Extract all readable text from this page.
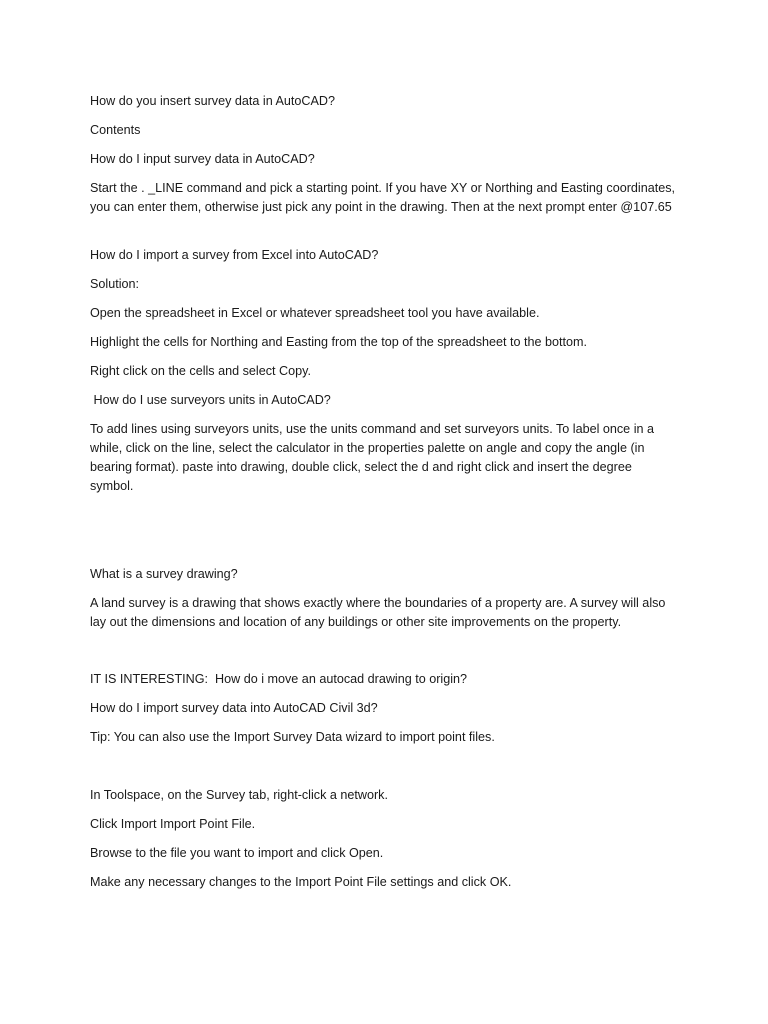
How do you insert survey data in AutoCAD?

Contents

How do I input survey data in AutoCAD?

Start the . _LINE command and pick a starting point. If you have XY or Northing and Easting coordinates, you can enter them, otherwise just pick any point in the drawing. Then at the next prompt enter @107.65

How do I import a survey from Excel into AutoCAD?

Solution:

Open the spreadsheet in Excel or whatever spreadsheet tool you have available.

Highlight the cells for Northing and Easting from the top of the spreadsheet to the bottom.

Right click on the cells and select Copy.

How do I use surveyors units in AutoCAD?

To add lines using surveyors units, use the units command and set surveyors units. To label once in a while, click on the line, select the calculator in the properties palette on angle and copy the angle (in bearing format). paste into drawing, double click, select the d and right click and insert the degree symbol.

What is a survey drawing?

A land survey is a drawing that shows exactly where the boundaries of a property are. A survey will also lay out the dimensions and location of any buildings or other site improvements on the property.

IT IS INTERESTING:  How do i move an autocad drawing to origin?

How do I import survey data into AutoCAD Civil 3d?

Tip: You can also use the Import Survey Data wizard to import point files.

In Toolspace, on the Survey tab, right-click a network.

Click Import Import Point File.

Browse to the file you want to import and click Open.

Make any necessary changes to the Import Point File settings and click OK.
